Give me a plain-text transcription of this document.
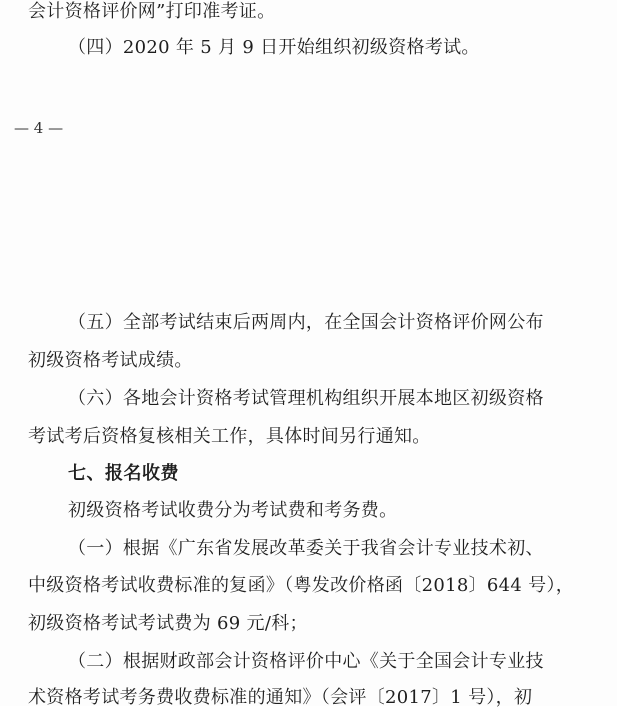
会计资格评价网”打印准考证。
（四）2020 年 5 月 9 日开始组织初级资格考试。
— 4 —
（五）全部考试结束后两周内，在全国会计资格评价网公布
初级资格考试成绩。
（六）各地会计资格考试管理机构组织开展本地区初级资格
考试考后资格复核相关工作，具体时间另行通知。
七、报名收费
初级资格考试收费分为考试费和考务费。
（一）根据《广东省发展改革委关于我省会计专业技术初、
中级资格考试收费标准的复函》（粤发改价格函〔2018〕644 号），
初级资格考试考试费为 69 元/科；
（二）根据财政部会计资格评价中心《关于全国会计专业技
术资格考试考务费收费标准的通知》（会评〔2017〕1 号），初
